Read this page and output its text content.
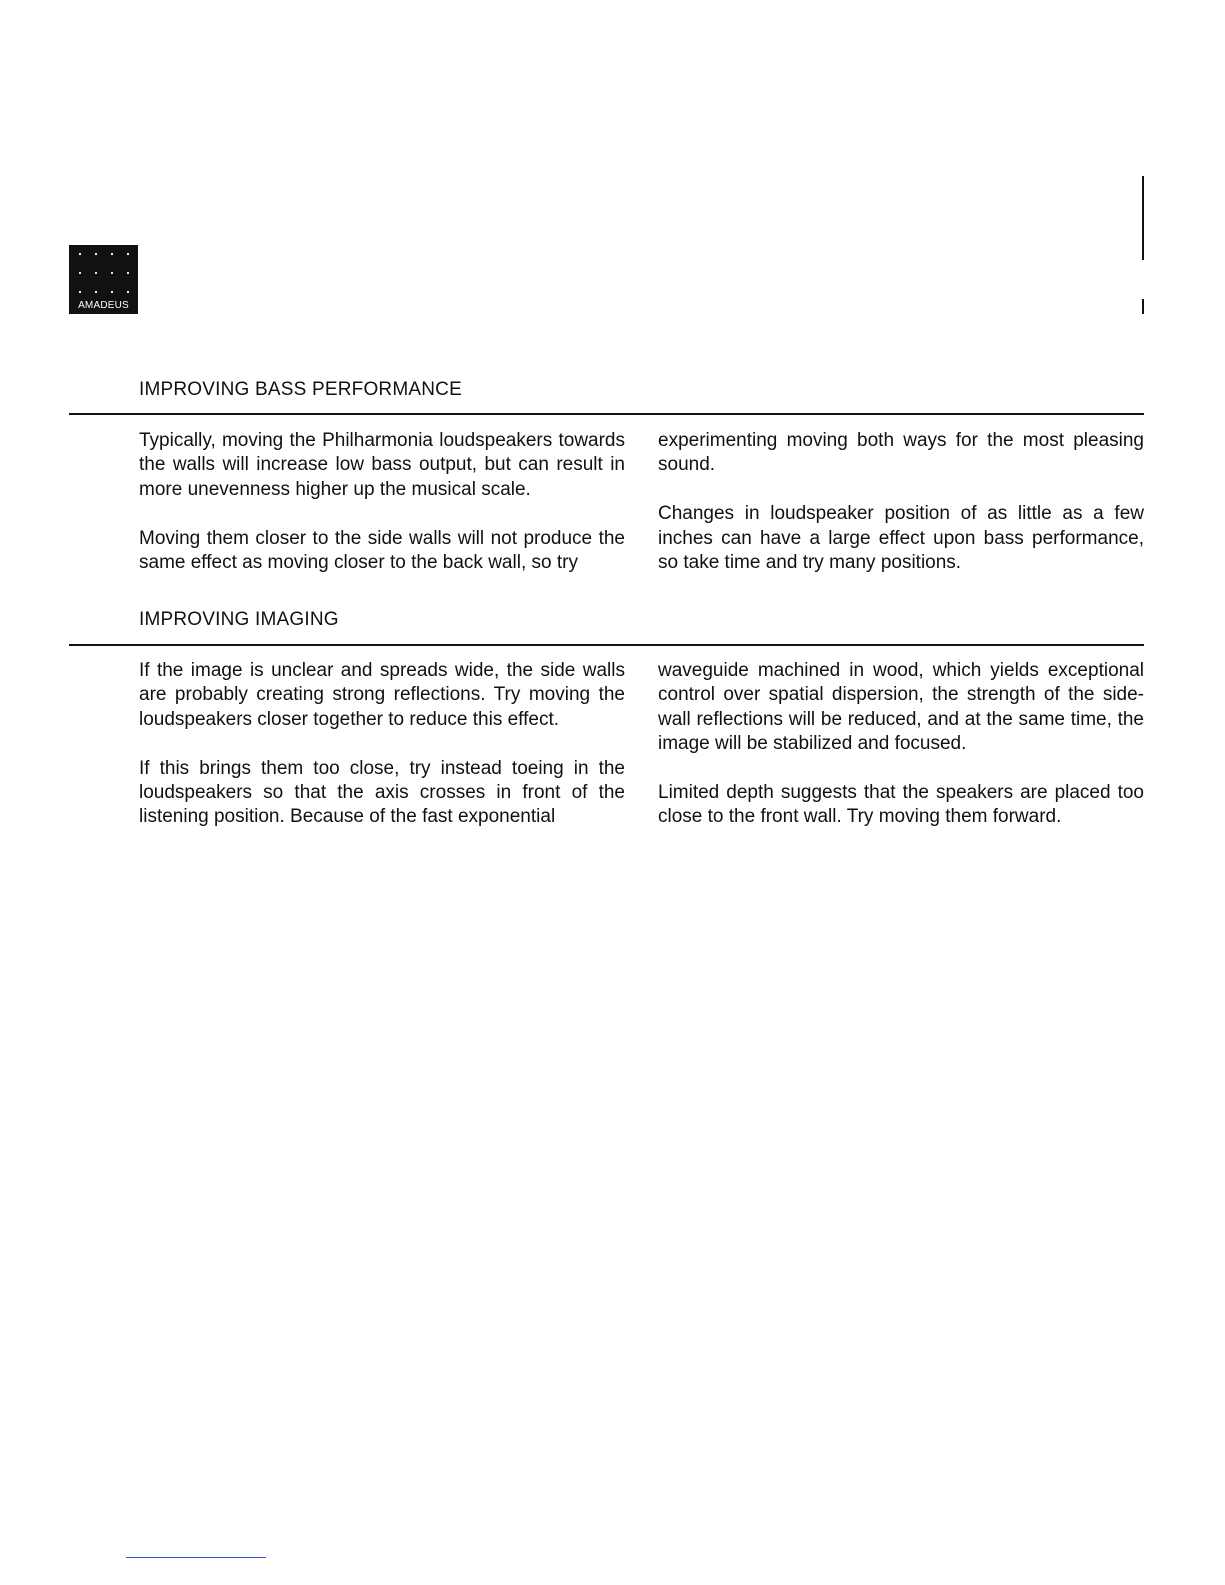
AMADEUS
IMPROVING BASS PERFORMANCE

Typically, moving the Philharmonia loudspeakers towards the walls will increase low bass output, but can result in more unevenness higher up the musical scale.

Moving them closer to the side walls will not produce the same effect as moving closer to the back wall, so try

experimenting moving both ways for the most pleasing sound.

Changes in loudspeaker position of as little as a few inches can have a large effect upon bass performance, so take time and try many positions.

IMPROVING IMAGING

If the image is unclear and spreads wide, the side walls are probably creating strong reflections. Try moving the loudspeakers closer together to reduce this effect.

If this brings them too close, try instead toeing in the loudspeakers so that the axis crosses in front of the listening position. Because of the fast exponential

waveguide machined in wood, which yields exceptional control over spatial dispersion, the strength of the side-wall reflections will be reduced, and at the same time, the image will be stabilized and focused.

Limited depth suggests that the speakers are placed too close to the front wall. Try moving them forward.
